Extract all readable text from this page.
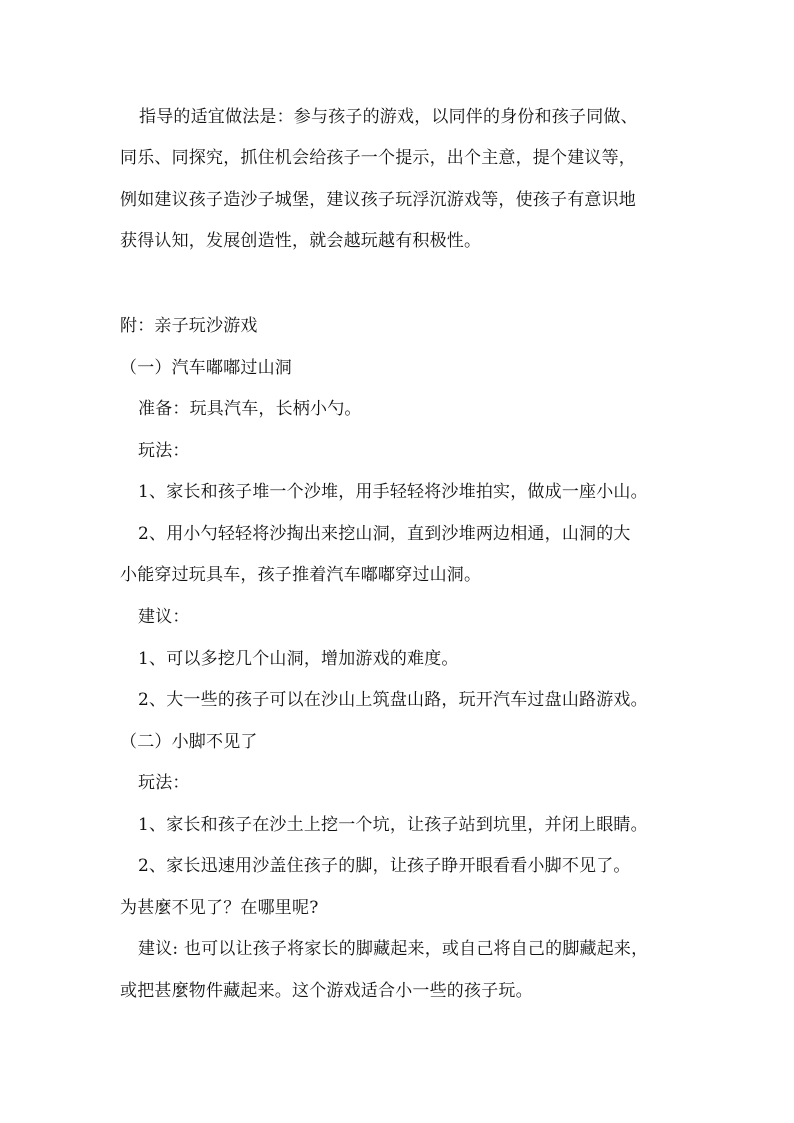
指导的适宜做法是：参与孩子的游戏，以同伴的身份和孩子同做、
同乐、同探究，抓住机会给孩子一个提示，出个主意，提个建议等，
例如建议孩子造沙子城堡，建议孩子玩浮沉游戏等，使孩子有意识地
获得认知，发展创造性，就会越玩越有积极性。
附：亲子玩沙游戏
（一）汽车嘟嘟过山洞
准备：玩具汽车，长柄小勺。
玩法：
1、家长和孩子堆一个沙堆，用手轻轻将沙堆拍实，做成一座小山。
2、用小勺轻轻将沙掏出来挖山洞，直到沙堆两边相通，山洞的大
小能穿过玩具车，孩子推着汽车嘟嘟穿过山洞。
建议：
1、可以多挖几个山洞，增加游戏的难度。
2、大一些的孩子可以在沙山上筑盘山路，玩开汽车过盘山路游戏。
（二）小脚不见了
玩法：
1、家长和孩子在沙土上挖一个坑，让孩子站到坑里，并闭上眼睛。
2、家长迅速用沙盖住孩子的脚，让孩子睁开眼看看小脚不见了。
为甚麼不见了？在哪里呢?
建议: 也可以让孩子将家长的脚藏起来，或自己将自己的脚藏起来，
或把甚麼物件藏起来。这个游戏适合小一些的孩子玩。
